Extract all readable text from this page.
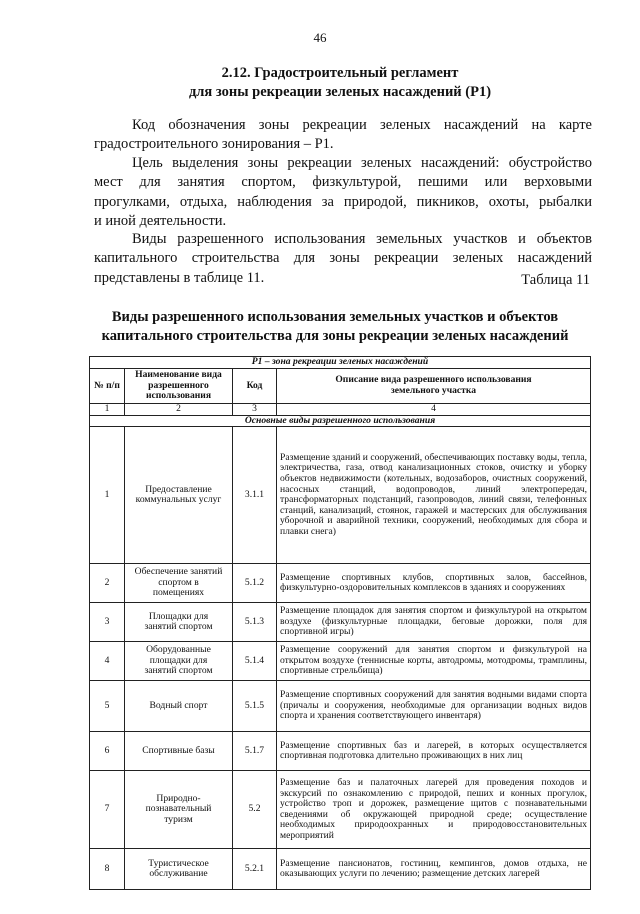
46
2.12. Градостроительный регламент
для зоны рекреации зеленых насаждений (Р1)
Код обозначения зоны рекреации зеленых насаждений на карте
градостроительного зонирования – Р1.
Цель выделения зоны рекреации зеленых насаждений: обустройство
мест для занятия спортом, физкультурой, пешими или верховыми
прогулками, отдыха, наблюдения за природой, пикников, охоты, рыбалки
и иной деятельности.
Виды разрешенного использования земельных участков и объектов
капитального строительства для зоны рекреации зеленых насаждений
представлены в таблице 11.	Таблица 11
Виды разрешенного использования земельных участков и объектов
капитального строительства для зоны рекреации зеленых насаждений
Р1 – зона рекреации зеленых насаждений			
№ п/п	Наименование вида разрешенного использования	Код	Описание вида разрешенного использования земельного участка
1	2	3	4
Основные виды разрешенного использования			
1	Предоставление коммунальных услуг	3.1.1	Размещение зданий и сооружений, обеспечивающих поставку воды, тепла, электричества, газа, отвод канализационных стоков, очистку и уборку объектов недвижимости (котельных, водозаборов, очистных сооружений, насосных станций, водопроводов, линий электропередач, трансформаторных подстанций, газопроводов, линий связи, телефонных станций, канализаций, стоянок, гаражей и мастерских для обслуживания уборочной и аварийной техники, сооружений, необходимых для сбора и плавки снега)
2	Обеспечение занятий спортом в помещениях	5.1.2	Размещение спортивных клубов, спортивных залов, бассейнов, физкультурно-оздоровительных комплексов в зданиях и сооружениях
3	Площадки для занятий спортом	5.1.3	Размещение площадок для занятия спортом и физкультурой на открытом воздухе (физкультурные площадки, беговые дорожки, поля для спортивной игры)
4	Оборудованные площадки для занятий спортом	5.1.4	Размещение сооружений для занятия спортом и физкультурой на открытом воздухе (теннисные корты, автодромы, мотодромы, трамплины, спортивные стрельбища)
5	Водный спорт	5.1.5	Размещение спортивных сооружений для занятия водными видами спорта (причалы и сооружения, необходимые для организации водных видов спорта и хранения соответствующего инвентаря)
6	Спортивные базы	5.1.7	Размещение спортивных баз и лагерей, в которых осуществляется спортивная подготовка длительно проживающих в них лиц
7	Природно-познавательный туризм	5.2	Размещение баз и палаточных лагерей для проведения походов и экскурсий по ознакомлению с природой, пеших и конных прогулок, устройство троп и дорожек, размещение щитов с познавательными сведениями об окружающей природной среде; осуществление необходимых природоохранных и природовосстановительных мероприятий
8	Туристическое обслуживание	5.2.1	Размещение пансионатов, гостиниц, кемпингов, домов отдыха, не оказывающих услуги по лечению; размещение детских лагерей
